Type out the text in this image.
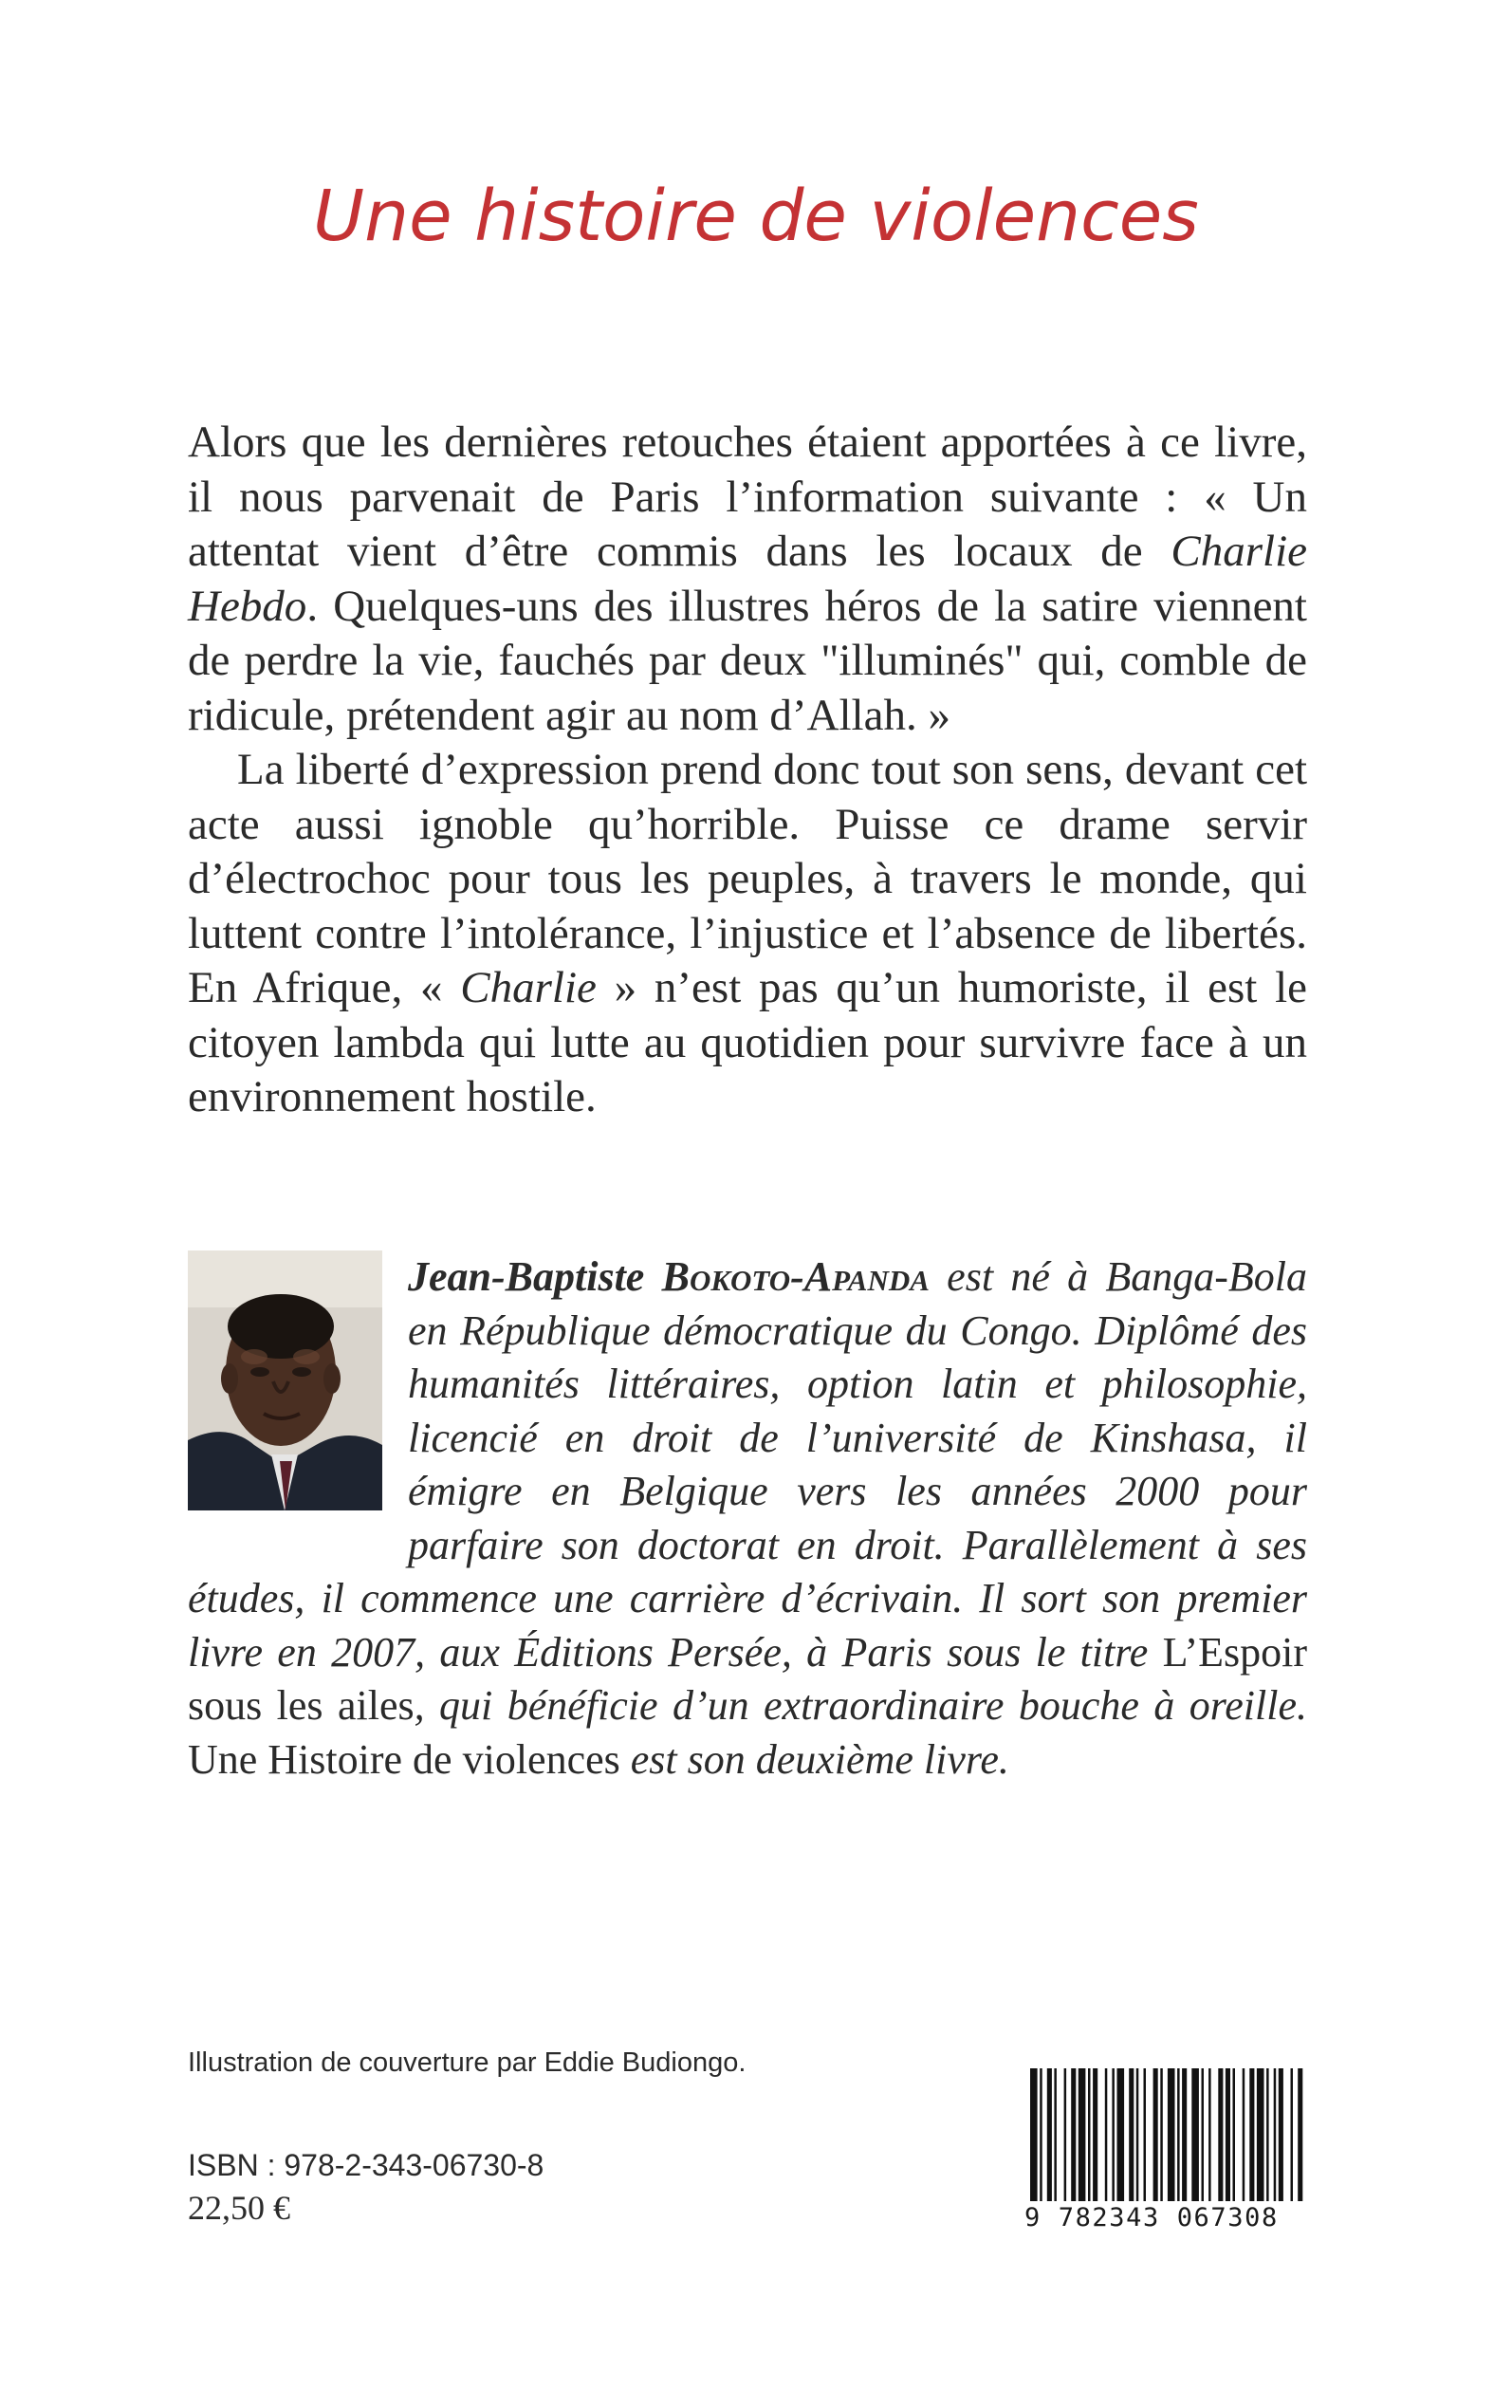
Une histoire de violences

Alors que les dernières retouches étaient apportées à ce livre, il nous parvenait de Paris l’information suivante : « Un attentat vient d’être commis dans les locaux de Charlie Hebdo. Quelques-uns des illustres héros de la satire viennent de perdre la vie, fauchés par deux "illuminés" qui, comble de ridicule, prétendent agir au nom d’Allah. »

La liberté d’expression prend donc tout son sens, devant cet acte aussi ignoble qu’horrible. Puisse ce drame servir d’électrochoc pour tous les peuples, à travers le monde, qui luttent contre l’intolérance, l’injustice et l’absence de libertés. En Afrique, « Charlie » n’est pas qu’un humoriste, il est le citoyen lambda qui lutte au quotidien pour survivre face à un environnement hostile.

Jean-Baptiste Bokoto-Apanda est né à Banga-Bola en République démocratique du Congo. Diplômé des humanités littéraires, option latin et philosophie, licencié en droit de l’université de Kinshasa, il émigre en Belgique vers les années 2000 pour parfaire son doctorat en droit. Parallèlement à ses études, il commence une carrière d’écrivain. Il sort son premier livre en 2007, aux Éditions Persée, à Paris sous le titre L’Espoir sous les ailes, qui bénéficie d’un extraordinaire bouche à oreille. Une Histoire de violences est son deuxième livre.
Illustration de couverture par Eddie Budiongo.
ISBN : 978-2-343-06730-8
22,50 €	9 782343 067308
